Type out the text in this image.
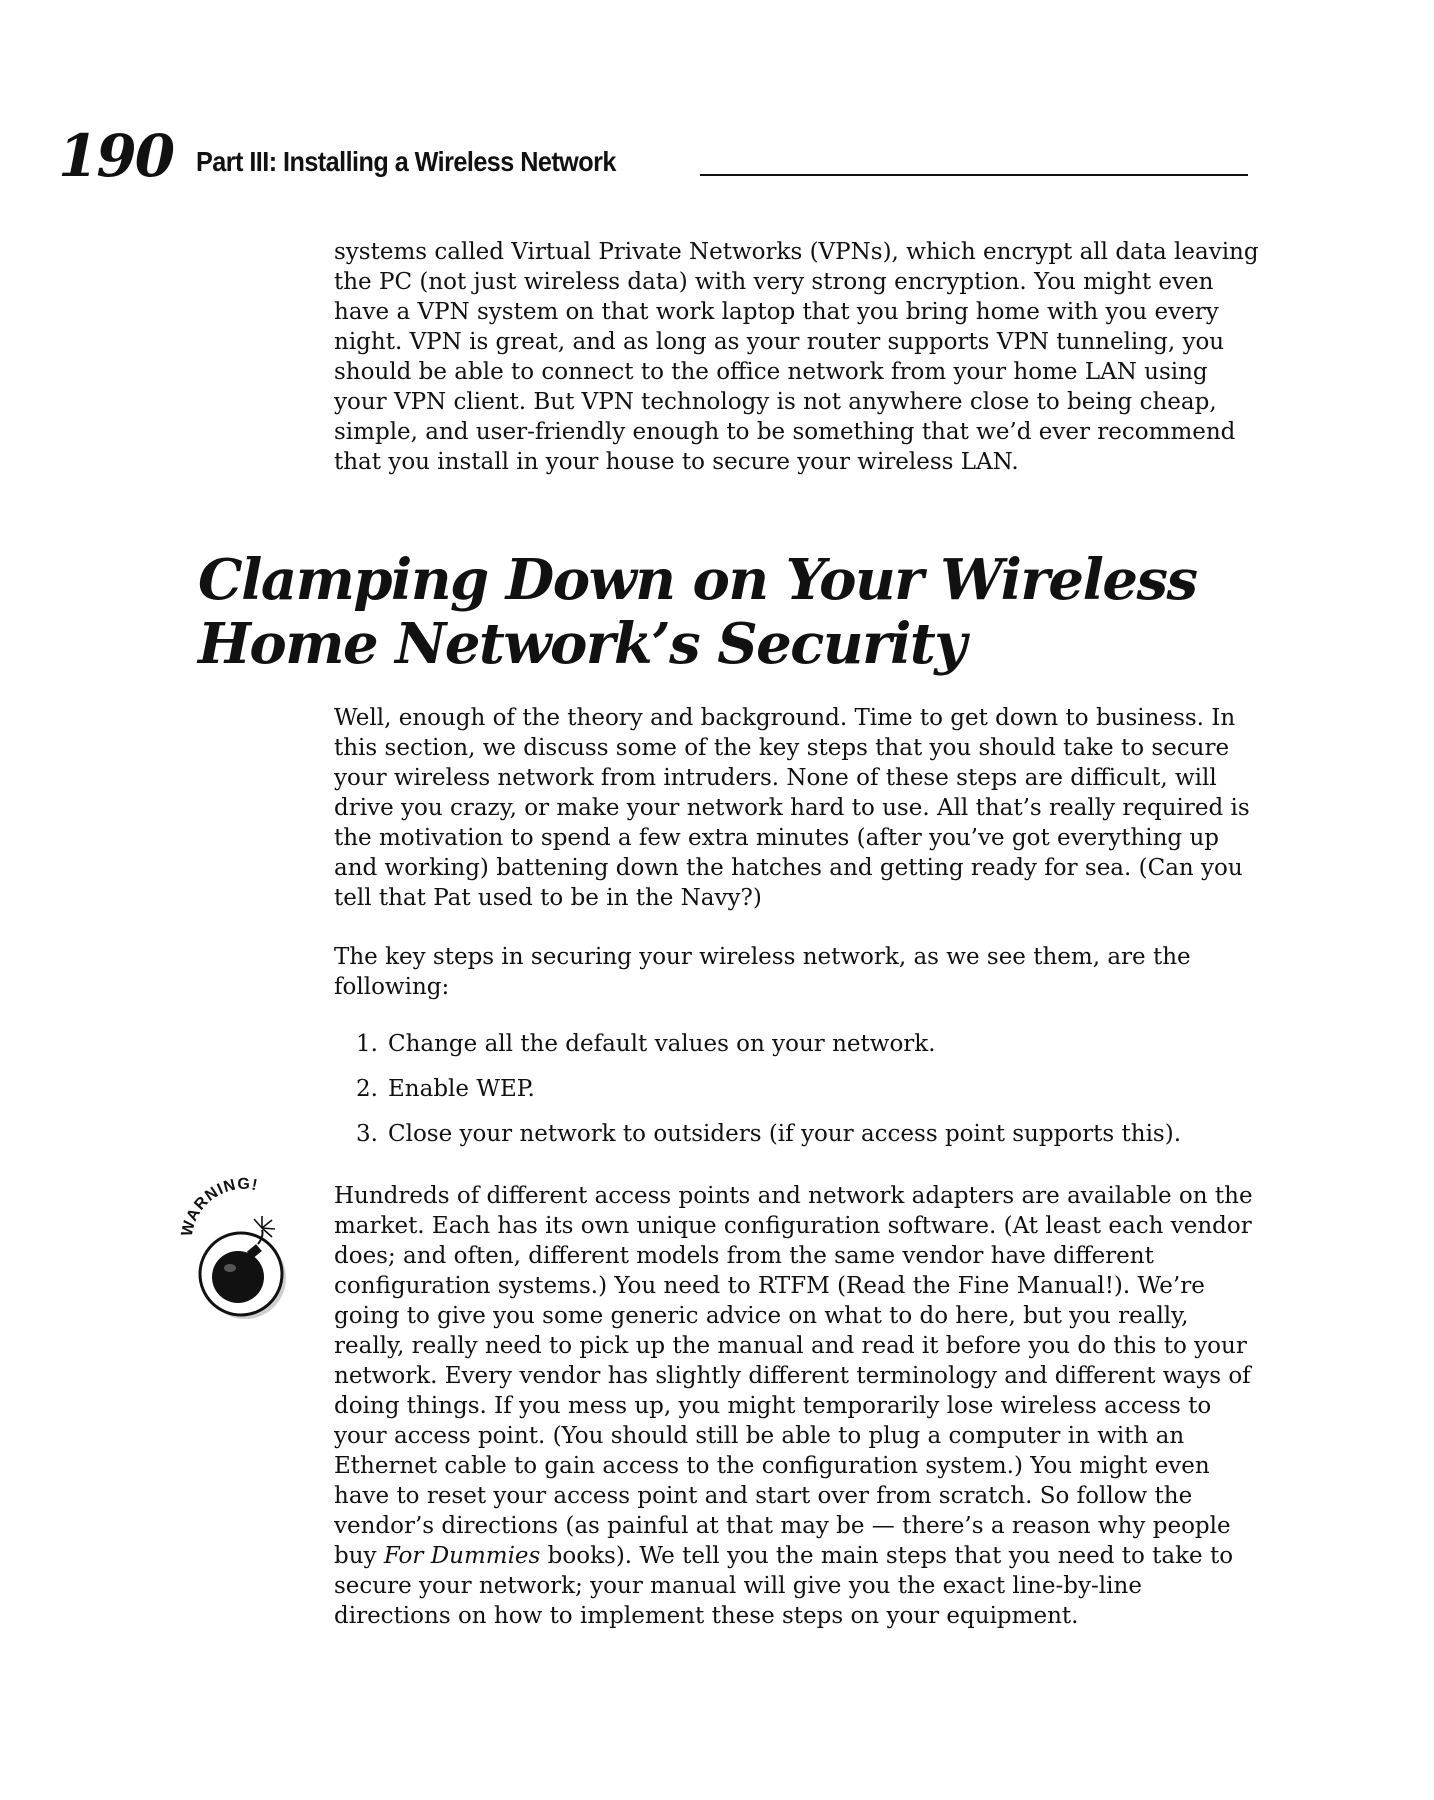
190 Part III: Installing a Wireless Network

systems called Virtual Private Networks (VPNs), which encrypt all data leaving the PC (not just wireless data) with very strong encryption. You might even have a VPN system on that work laptop that you bring home with you every night. VPN is great, and as long as your router supports VPN tunneling, you should be able to connect to the office network from your home LAN using your VPN client. But VPN technology is not anywhere close to being cheap, simple, and user-friendly enough to be something that we’d ever recommend that you install in your house to secure your wireless LAN.

Clamping Down on Your Wireless
Home Network’s Security

Well, enough of the theory and background. Time to get down to business. In this section, we discuss some of the key steps that you should take to secure your wireless network from intruders. None of these steps are difficult, will drive you crazy, or make your network hard to use. All that’s really required is the motivation to spend a few extra minutes (after you’ve got everything up and working) battening down the hatches and getting ready for sea. (Can you tell that Pat used to be in the Navy?)

The key steps in securing your wireless network, as we see them, are the following:

1. Change all the default values on your network.
2. Enable WEP.
3. Close your network to outsiders (if your access point supports this).
WARNING!	Hundreds of different access points and network adapters are available on the market. Each has its own unique configuration software. (At least each vendor does; and often, different models from the same vendor have different configuration systems.) You need to RTFM (Read the Fine Manual!). We’re going to give you some generic advice on what to do here, but you really, really, really need to pick up the manual and read it before you do this to your network. Every vendor has slightly different terminology and different ways of doing things. If you mess up, you might temporarily lose wireless access to your access point. (You should still be able to plug a computer in with an Ethernet cable to gain access to the configuration system.) You might even have to reset your access point and start over from scratch. So follow the vendor’s directions (as painful at that may be — there’s a reason why people buy For Dummies books). We tell you the main steps that you need to take to secure your network; your manual will give you the exact line-by-line directions on how to implement these steps on your equipment.
